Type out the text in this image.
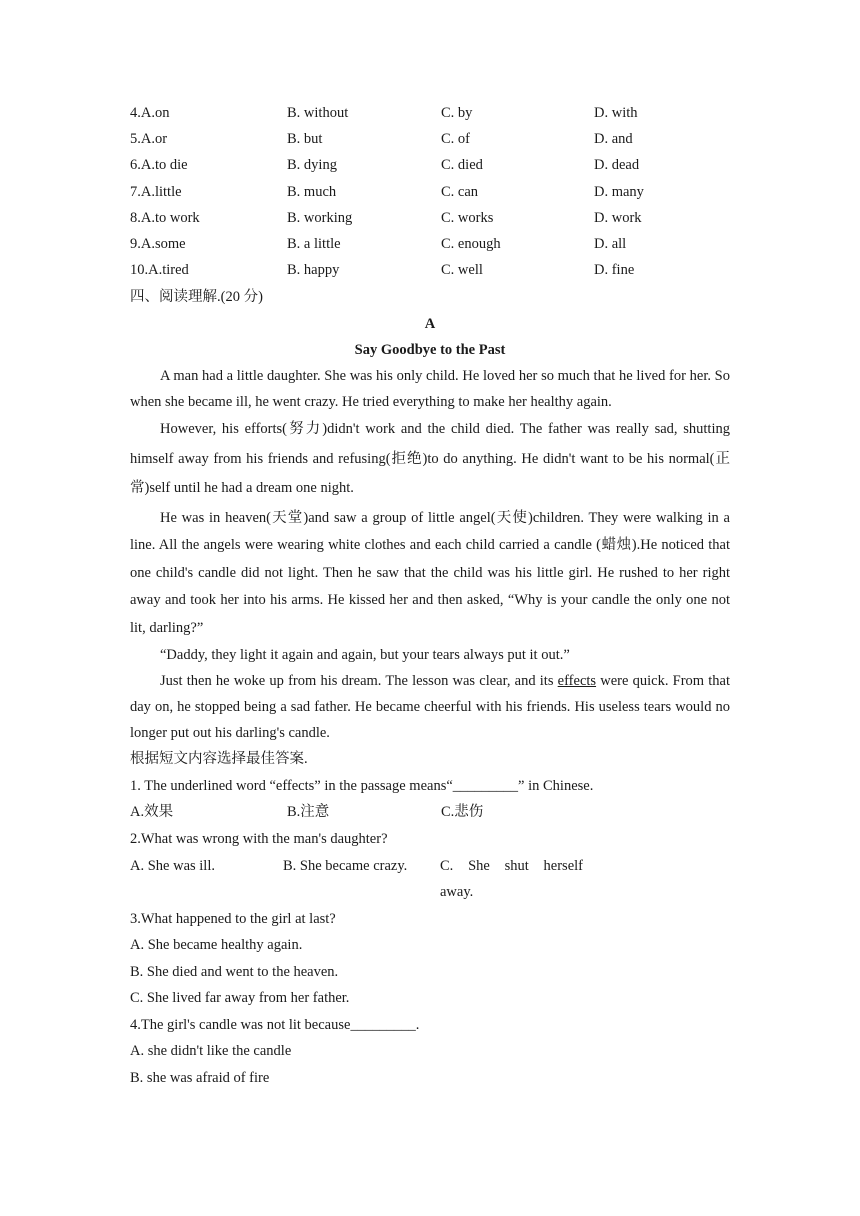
4.A.on	B. without	C. by	D. with
5.A.or	B. but	C. of	D. and
6.A.to die	B. dying	C. died	D. dead
7.A.little	B. much	C. can	D. many
8.A.to work	B. working	C. works	D. work
9.A.some	B. a little	C. enough	D. all
10.A.tired	B. happy	C. well	D. fine
四、阅读理解.(20 分)
A
Say Goodbye to the Past

A man had a little daughter. She was his only child. He loved her so much that he lived for her. So when she became ill, he went crazy. He tried everything to make her healthy again.

However, his efforts(努力)didn't work and the child died. The father was really sad, shutting himself away from his friends and refusing(拒绝)to do anything. He didn't want to be his normal(正常)self until he had a dream one night.

He was in heaven(天堂)and saw a group of little angel(天使)children. They were walking in a line. All the angels were wearing white clothes and each child carried a candle (蜡烛).He noticed that one child's candle did not light. Then he saw that the child was his little girl. He rushed to her right away and took her into his arms. He kissed her and then asked, “Why is your candle the only one not lit, darling?”

“Daddy, they light it again and again, but your tears always put it out.”

Just then he woke up from his dream. The lesson was clear, and its effects were quick. From that day on, he stopped being a sad father. He became cheerful with his friends. His useless tears would no longer put out his darling's candle.

根据短文内容选择最佳答案.
1. The underlined word “effects” in the passage means“_________” in Chinese.
A.效果	B.注意	C.悲伤
2.What was wrong with the man's daughter?
A. She was ill.	B. She became crazy.	C. She shut herself
away.
3.What happened to the girl at last?
A. She became healthy again.
B. She died and went to the heaven.
C. She lived far away from her father.
4.The girl's candle was not lit because_________.
A. she didn't like the candle
B. she was afraid of fire
